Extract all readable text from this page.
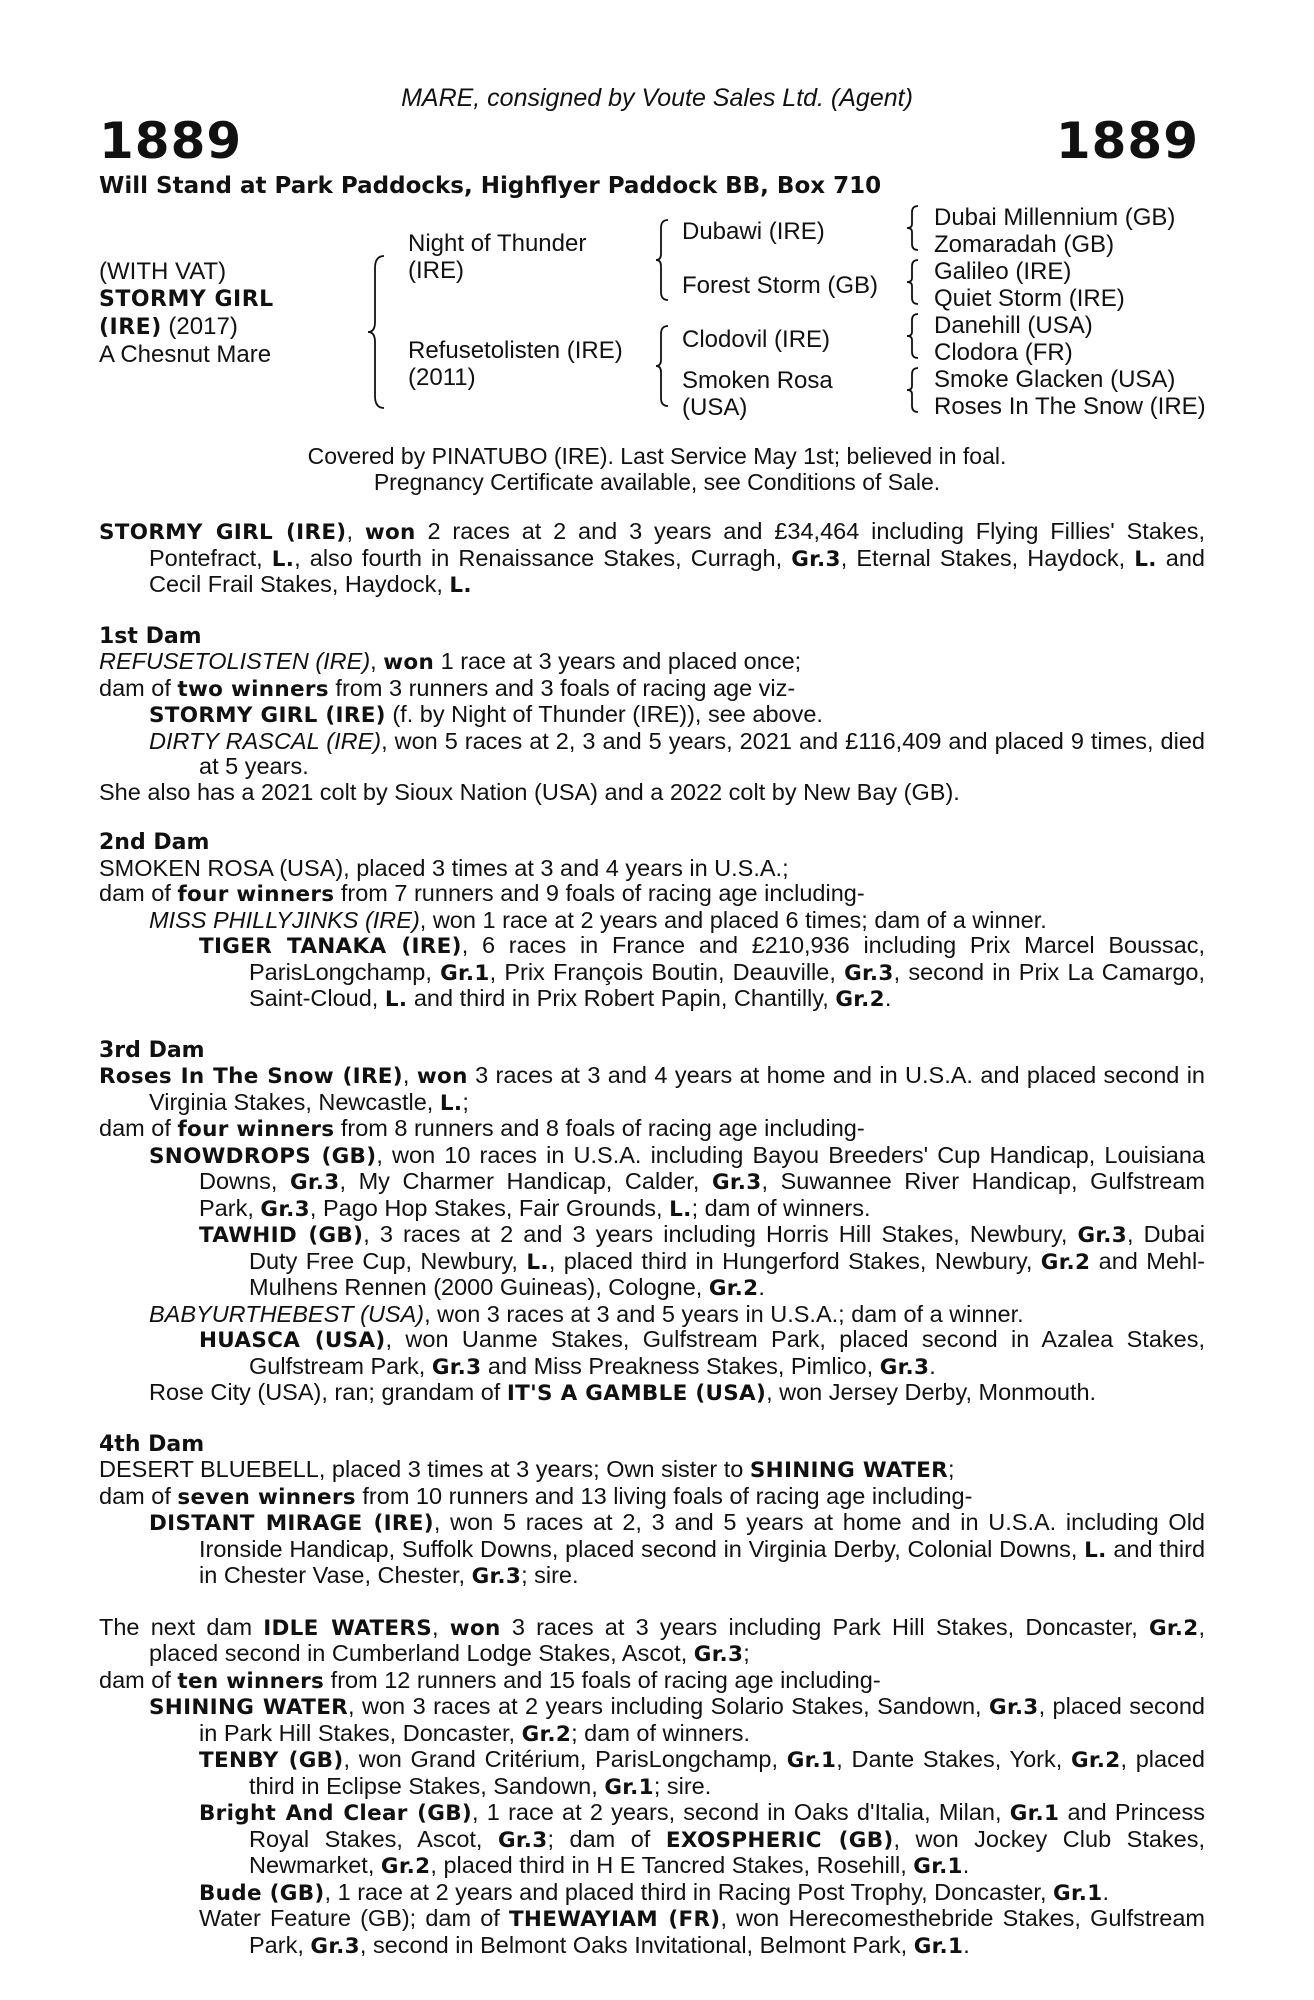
MARE, consigned by Voute Sales Ltd. (Agent)
1889	1889
Will Stand at Park Paddocks, Highflyer Paddock BB, Box 710
(WITH VAT)
STORMY GIRL
(IRE) (2017)
A Chesnut Mare
Night of Thunder
(IRE)
Refusetolisten (IRE)
(2011)
Dubawi (IRE)
Forest Storm (GB)
Clodovil (IRE)
Smoken Rosa
(USA)
Dubai Millennium (GB)
Zomaradah (GB)
Galileo (IRE)
Quiet Storm (IRE)
Danehill (USA)
Clodora (FR)
Smoke Glacken (USA)
Roses In The Snow (IRE)
Covered by PINATUBO (IRE). Last Service May 1st; believed in foal.
Pregnancy Certificate available, see Conditions of Sale.

STORMY GIRL (IRE), won 2 races at 2 and 3 years and £34,464 including Flying Fillies' Stakes, Pontefract, L., also fourth in Renaissance Stakes, Curragh, Gr.3, Eternal Stakes, Haydock, L. and Cecil Frail Stakes, Haydock, L.

1st Dam

REFUSETOLISTEN (IRE), won 1 race at 3 years and placed once;

dam of two winners from 3 runners and 3 foals of racing age viz-

STORMY GIRL (IRE) (f. by Night of Thunder (IRE)), see above.

DIRTY RASCAL (IRE), won 5 races at 2, 3 and 5 years, 2021 and £116,409 and placed 9 times, died at 5 years.

She also has a 2021 colt by Sioux Nation (USA) and a 2022 colt by New Bay (GB).

2nd Dam

SMOKEN ROSA (USA), placed 3 times at 3 and 4 years in U.S.A.;

dam of four winners from 7 runners and 9 foals of racing age including-

MISS PHILLYJINKS (IRE), won 1 race at 2 years and placed 6 times; dam of a winner.

TIGER TANAKA (IRE), 6 races in France and £210,936 including Prix Marcel Boussac, ParisLongchamp, Gr.1, Prix François Boutin, Deauville, Gr.3, second in Prix La Camargo, Saint-Cloud, L. and third in Prix Robert Papin, Chantilly, Gr.2.

3rd Dam

Roses In The Snow (IRE), won 3 races at 3 and 4 years at home and in U.S.A. and placed second in Virginia Stakes, Newcastle, L.;

dam of four winners from 8 runners and 8 foals of racing age including-

SNOWDROPS (GB), won 10 races in U.S.A. including Bayou Breeders' Cup Handicap, Louisiana Downs, Gr.3, My Charmer Handicap, Calder, Gr.3, Suwannee River Handicap, Gulfstream Park, Gr.3, Pago Hop Stakes, Fair Grounds, L.; dam of winners.

TAWHID (GB), 3 races at 2 and 3 years including Horris Hill Stakes, Newbury, Gr.3, Dubai Duty Free Cup, Newbury, L., placed third in Hungerford Stakes, Newbury, Gr.2 and Mehl-Mulhens Rennen (2000 Guineas), Cologne, Gr.2.

BABYURTHEBEST (USA), won 3 races at 3 and 5 years in U.S.A.; dam of a winner.

HUASCA (USA), won Uanme Stakes, Gulfstream Park, placed second in Azalea Stakes, Gulfstream Park, Gr.3 and Miss Preakness Stakes, Pimlico, Gr.3.

Rose City (USA), ran; grandam of IT'S A GAMBLE (USA), won Jersey Derby, Monmouth.

4th Dam

DESERT BLUEBELL, placed 3 times at 3 years; Own sister to SHINING WATER;

dam of seven winners from 10 runners and 13 living foals of racing age including-

DISTANT MIRAGE (IRE), won 5 races at 2, 3 and 5 years at home and in U.S.A. including Old Ironside Handicap, Suffolk Downs, placed second in Virginia Derby, Colonial Downs, L. and third in Chester Vase, Chester, Gr.3; sire.

The next dam IDLE WATERS, won 3 races at 3 years including Park Hill Stakes, Doncaster, Gr.2, placed second in Cumberland Lodge Stakes, Ascot, Gr.3;

dam of ten winners from 12 runners and 15 foals of racing age including-

SHINING WATER, won 3 races at 2 years including Solario Stakes, Sandown, Gr.3, placed second in Park Hill Stakes, Doncaster, Gr.2; dam of winners.

TENBY (GB), won Grand Critérium, ParisLongchamp, Gr.1, Dante Stakes, York, Gr.2, placed third in Eclipse Stakes, Sandown, Gr.1; sire.

Bright And Clear (GB), 1 race at 2 years, second in Oaks d'Italia, Milan, Gr.1 and Princess Royal Stakes, Ascot, Gr.3; dam of EXOSPHERIC (GB), won Jockey Club Stakes, Newmarket, Gr.2, placed third in H E Tancred Stakes, Rosehill, Gr.1.

Bude (GB), 1 race at 2 years and placed third in Racing Post Trophy, Doncaster, Gr.1.

Water Feature (GB); dam of THEWAYIAM (FR), won Herecomesthebride Stakes, Gulfstream Park, Gr.3, second in Belmont Oaks Invitational, Belmont Park, Gr.1.
